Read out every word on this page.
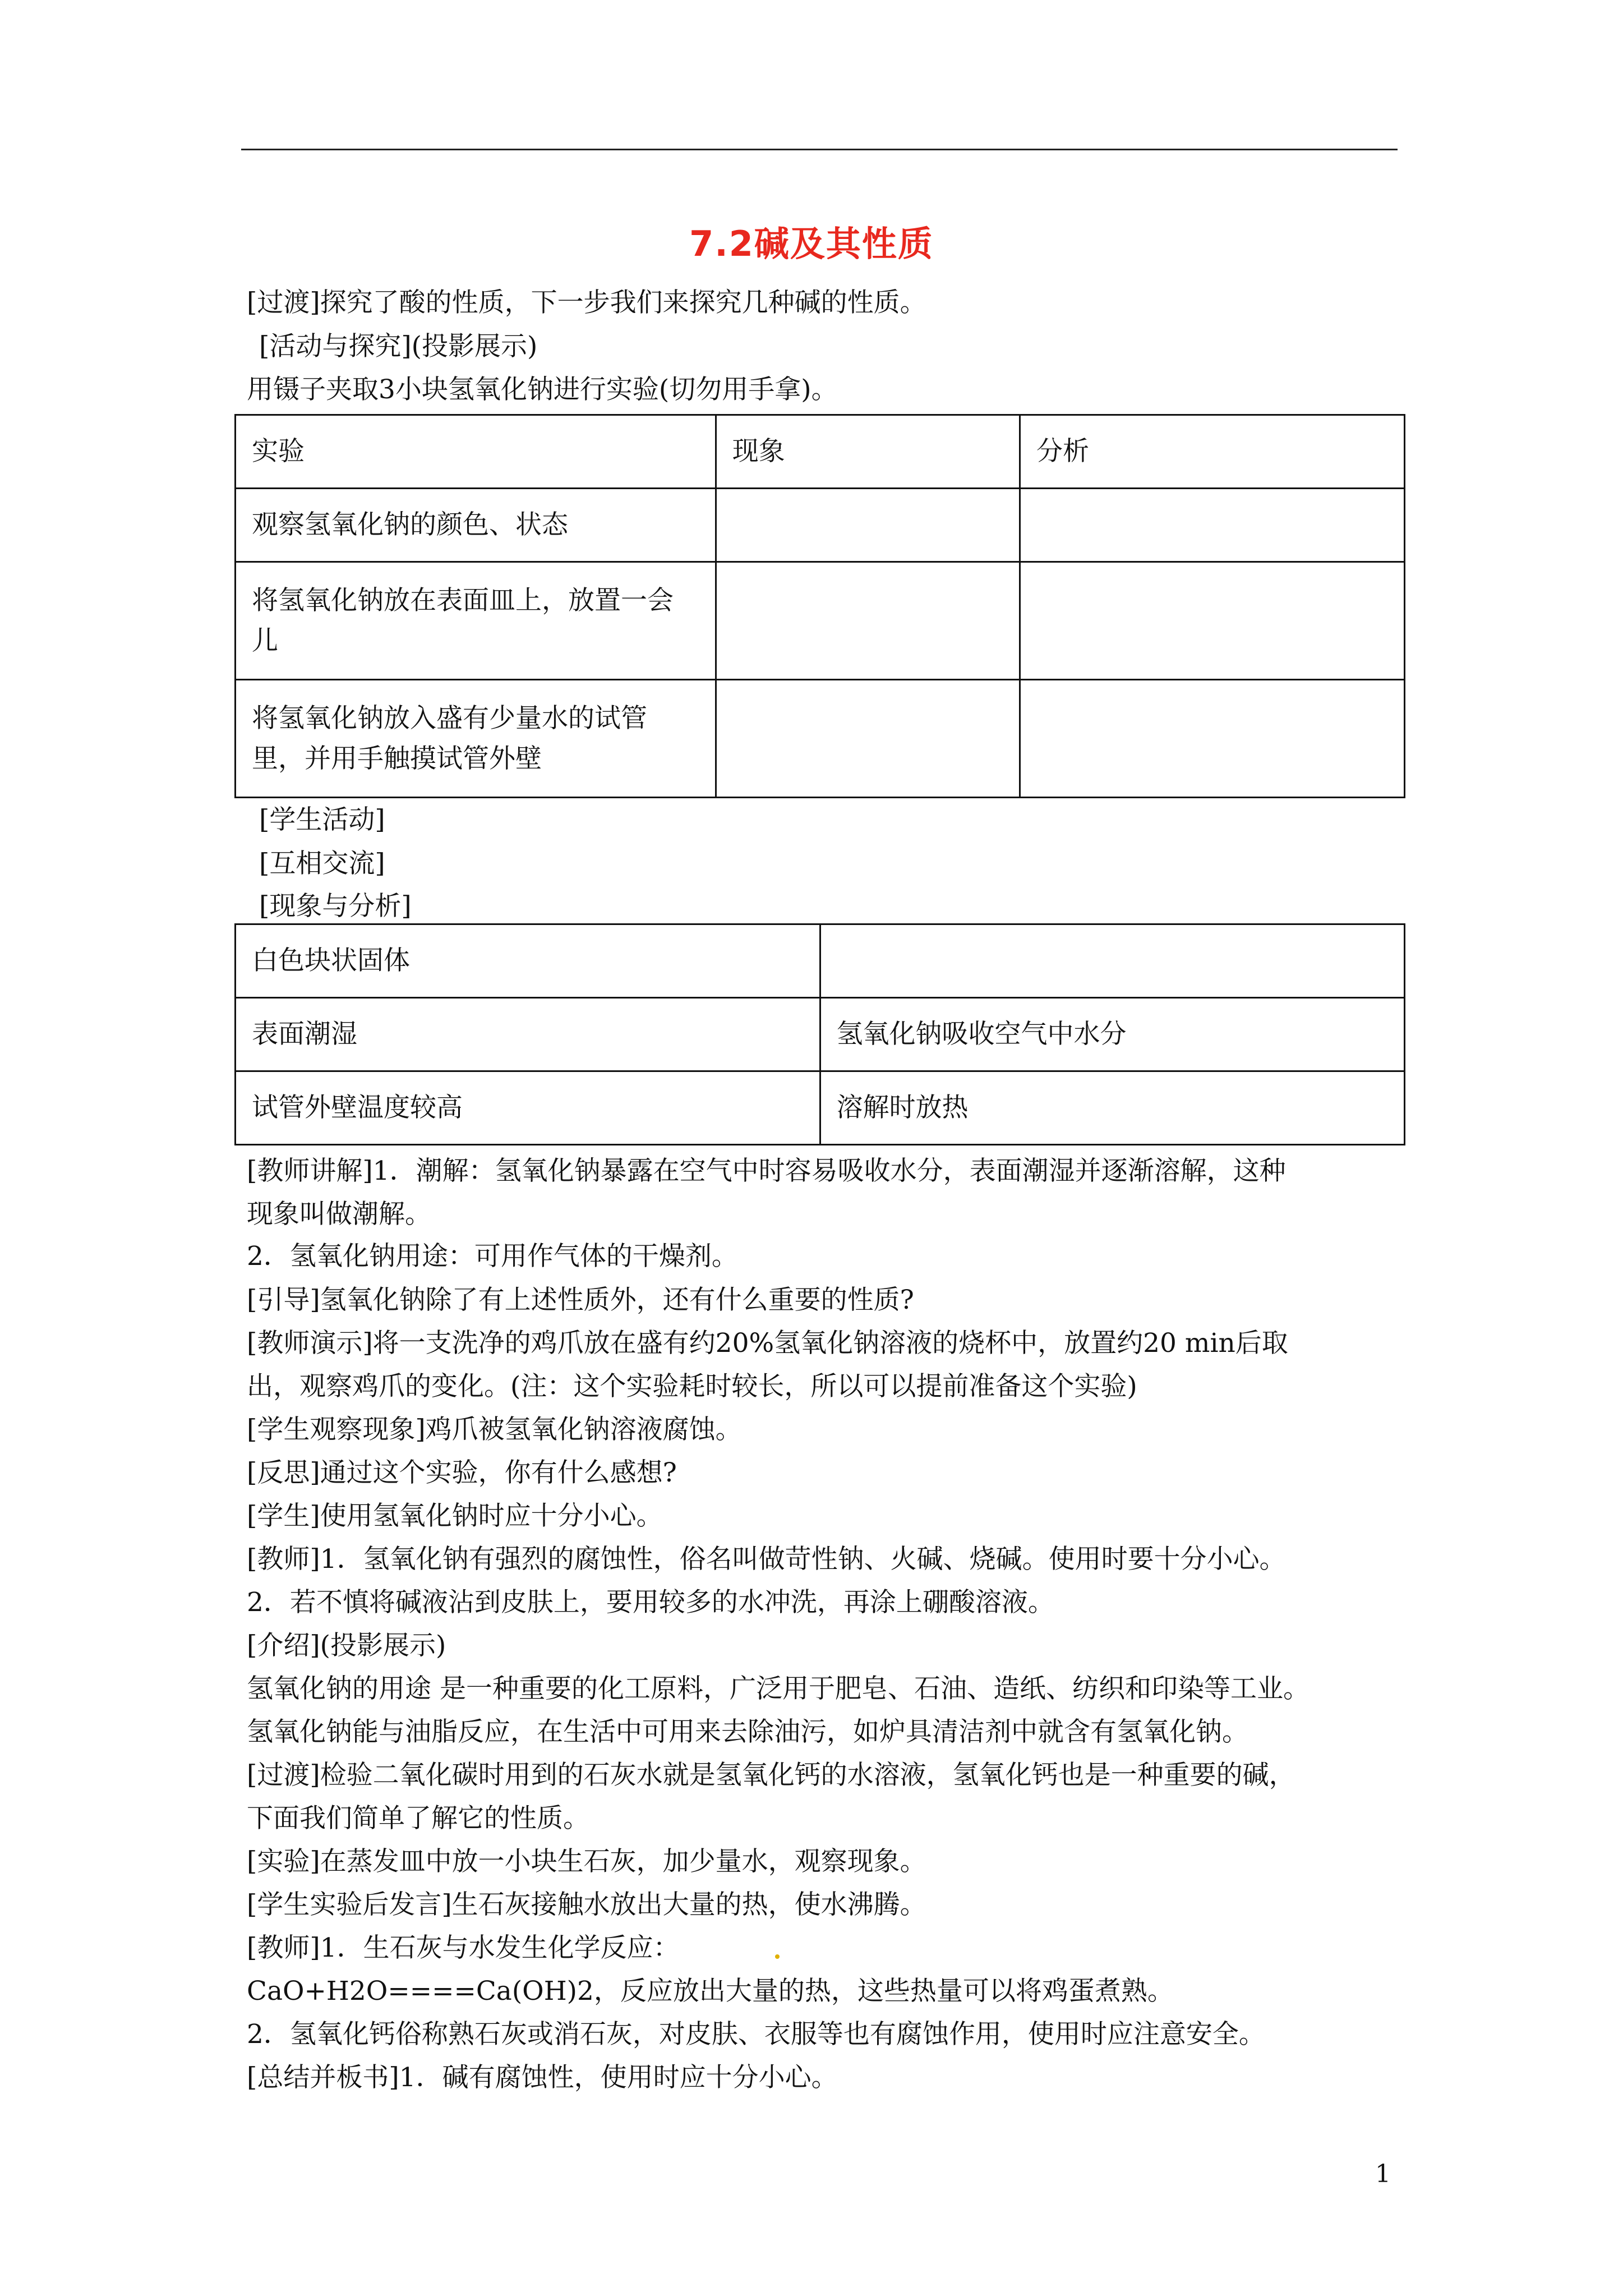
7.2碱及其性质
[过渡]探究了酸的性质，下一步我们来探究几种碱的性质。
[活动与探究](投影展示)
用镊子夹取3小块氢氧化钠进行实验(切勿用手拿)。
实验	现象	分析
观察氢氧化钠的颜色、状态		
将氢氧化钠放在表面皿上，放置一会儿		
将氢氧化钠放入盛有少量水的试管里，并用手触摸试管外壁		
[学生活动]
[互相交流]
[现象与分析]
白色块状固体	
表面潮湿	氢氧化钠吸收空气中水分
试管外壁温度较高	溶解时放热
[教师讲解]1．潮解：氢氧化钠暴露在空气中时容易吸收水分，表面潮湿并逐渐溶解，这种
现象叫做潮解。
2．氢氧化钠用途：可用作气体的干燥剂。
[引导]氢氧化钠除了有上述性质外，还有什么重要的性质?
[教师演示]将一支洗净的鸡爪放在盛有约20%氢氧化钠溶液的烧杯中，放置约20 min后取
出，观察鸡爪的变化。(注：这个实验耗时较长，所以可以提前准备这个实验)
[学生观察现象]鸡爪被氢氧化钠溶液腐蚀。
[反思]通过这个实验，你有什么感想?
[学生]使用氢氧化钠时应十分小心。
[教师]1．氢氧化钠有强烈的腐蚀性，俗名叫做苛性钠、火碱、烧碱。使用时要十分小心。
2．若不慎将碱液沾到皮肤上，要用较多的水冲洗，再涂上硼酸溶液。
[介绍](投影展示)
氢氧化钠的用途 是一种重要的化工原料，广泛用于肥皂、石油、造纸、纺织和印染等工业。
氢氧化钠能与油脂反应，在生活中可用来去除油污，如炉具清洁剂中就含有氢氧化钠。
[过渡]检验二氧化碳时用到的石灰水就是氢氧化钙的水溶液，氢氧化钙也是一种重要的碱，
下面我们简单了解它的性质。
[实验]在蒸发皿中放一小块生石灰，加少量水，观察现象。
[学生实验后发言]生石灰接触水放出大量的热，使水沸腾。
[教师]1．生石灰与水发生化学反应：
CaO+H2O====Ca(OH)2，反应放出大量的热，这些热量可以将鸡蛋煮熟。
2．氢氧化钙俗称熟石灰或消石灰，对皮肤、衣服等也有腐蚀作用，使用时应注意安全。
[总结并板书]1．碱有腐蚀性，使用时应十分小心。
1
